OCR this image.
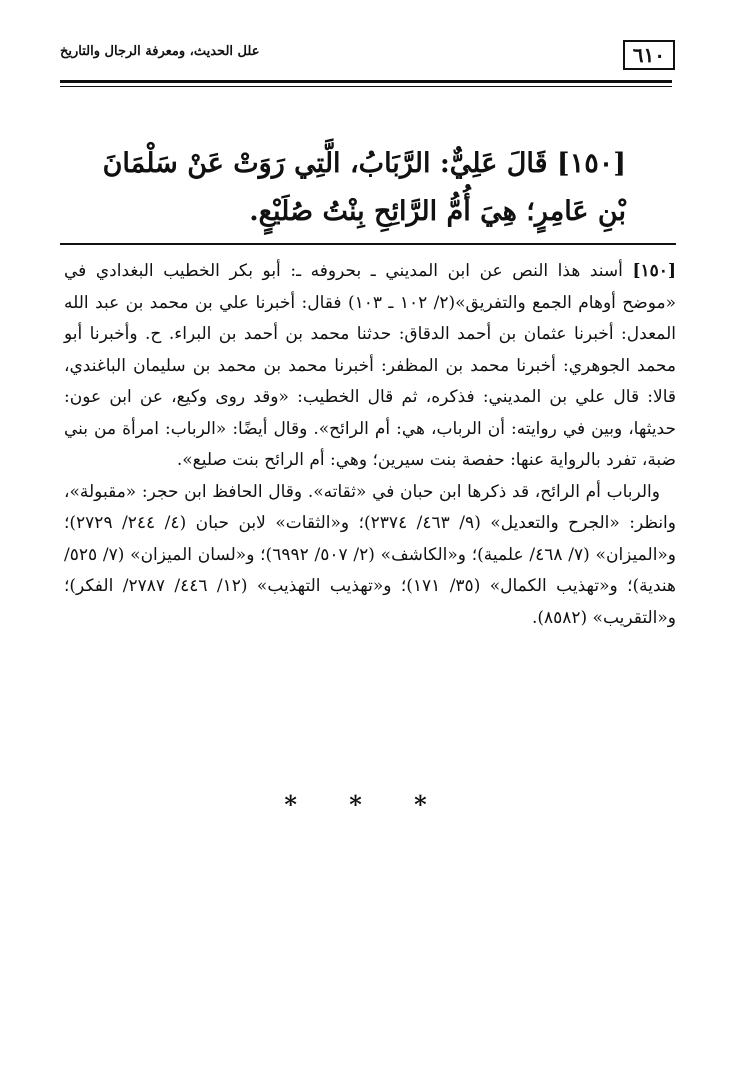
٦١٠
علل الحديث، ومعرفة الرجال والتاريخ
[١٥٠] قَالَ عَلِيٌّ: الرَّبَابُ، الَّتِي رَوَتْ عَنْ سَلْمَانَ بْنِ عَامِرٍ؛ هِيَ أُمُّ الرَّائِحِ بِنْتُ صُلَيْعٍ.

[١٥٠] أسند هذا النص عن ابن المديني ـ بحروفه ـ: أبو بكر الخطيب البغدادي في «موضح أوهام الجمع والتفريق»(٢/ ١٠٢ ـ ١٠٣) فقال: أخبرنا علي بن محمد بن عبد الله المعدل: أخبرنا عثمان بن أحمد الدقاق: حدثنا محمد بن أحمد بن البراء. ح. وأخبرنا أبو محمد الجوهري: أخبرنا محمد بن المظفر: أخبرنا محمد بن محمد بن سليمان الباغندي، قالا: قال علي بن المديني: فذكره، ثم قال الخطيب: «وقد روى وكيع، عن ابن عون: حديثها، وبين في روايته: أن الرباب، هي: أم الرائح». وقال أيضًا: «الرباب: امرأة من بني ضبة، تفرد بالرواية عنها: حفصة بنت سيرين؛ وهي: أم الرائح بنت صليع».

والرباب أم الرائح، قد ذكرها ابن حبان في «ثقاته». وقال الحافظ ابن حجر: «مقبولة»، وانظر: «الجرح والتعديل» (٩/ ٤٦٣/ ٢٣٧٤)؛ و«الثقات» لابن حبان (٤/ ٢٤٤/ ٢٧٢٩)؛ و«الميزان» (٧/ ٤٦٨/ علمية)؛ و«الكاشف» (٢/ ٥٠٧/ ٦٩٩٢)؛ و«لسان الميزان» (٧/ ٥٢٥/ هندية)؛ و«تهذيب الكمال» (٣٥/ ١٧١)؛ و«تهذيب التهذيب» (١٢/ ٤٤٦/ ٢٧٨٧/ الفكر)؛ و«التقريب» (٨٥٨٢).

* * *
